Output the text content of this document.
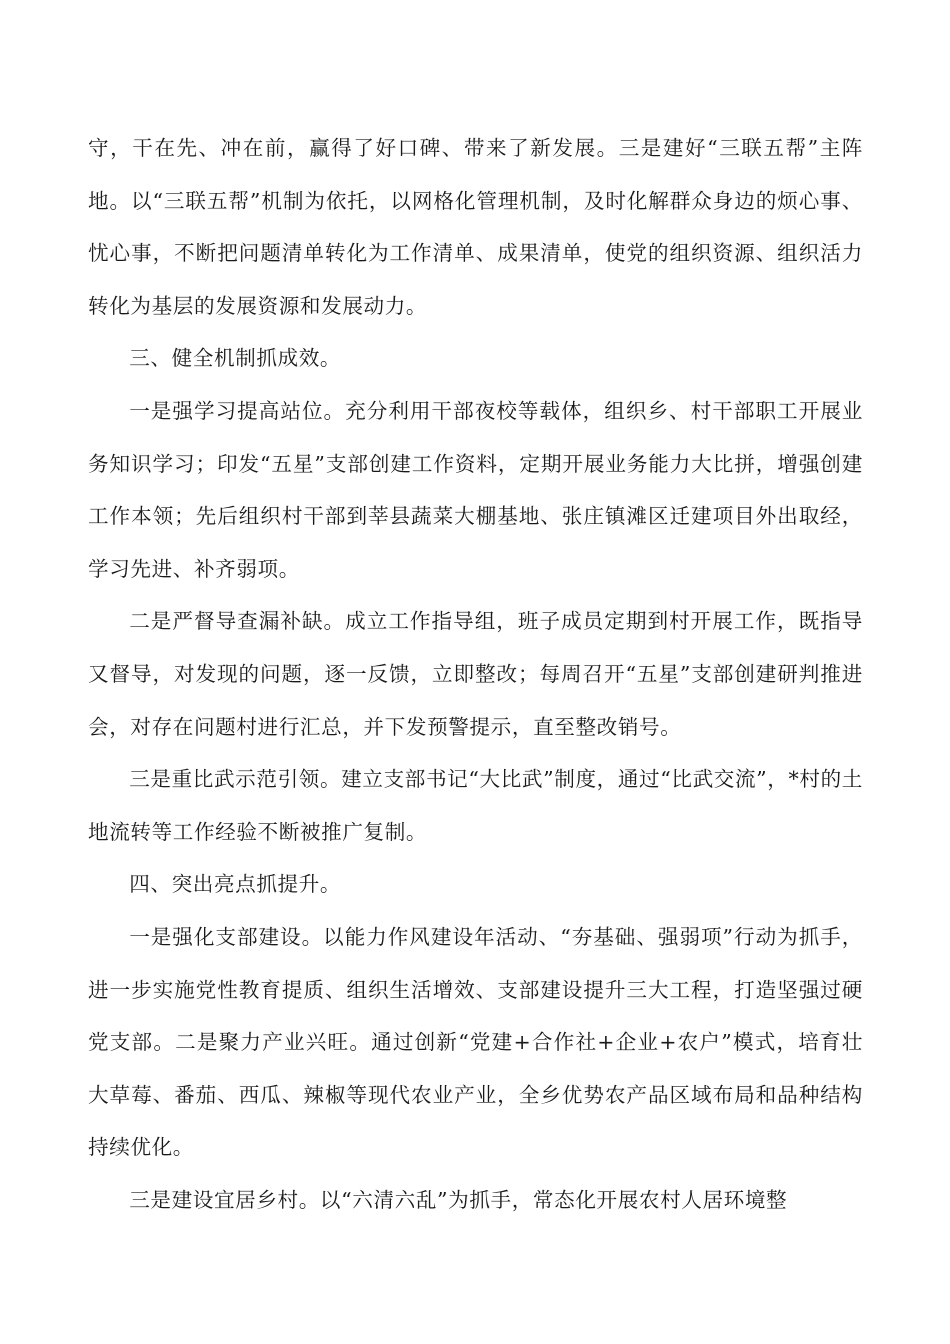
守，干在先、冲在前，赢得了好口碑、带来了新发展。三是建好“三联五帮”主阵地。以“三联五帮”机制为依托，以网格化管理机制，及时化解群众身边的烦心事、忧心事，不断把问题清单转化为工作清单、成果清单，使党的组织资源、组织活力转化为基层的发展资源和发展动力。

三、健全机制抓成效。

一是强学习提高站位。充分利用干部夜校等载体，组织乡、村干部职工开展业务知识学习；印发“五星”支部创建工作资料，定期开展业务能力大比拼，增强创建工作本领；先后组织村干部到莘县蔬菜大棚基地、张庄镇滩区迁建项目外出取经，学习先进、补齐弱项。

二是严督导查漏补缺。成立工作指导组，班子成员定期到村开展工作，既指导又督导，对发现的问题，逐一反馈，立即整改；每周召开“五星”支部创建研判推进会，对存在问题村进行汇总，并下发预警提示，直至整改销号。

三是重比武示范引领。建立支部书记“大比武”制度，通过“比武交流”，*村的土地流转等工作经验不断被推广复制。

四、突出亮点抓提升。

一是强化支部建设。以能力作风建设年活动、“夯基础、强弱项”行动为抓手，进一步实施党性教育提质、组织生活增效、支部建设提升三大工程，打造坚强过硬党支部。二是聚力产业兴旺。通过创新“党建+合作社+企业+农户”模式，培育壮大草莓、番茄、西瓜、辣椒等现代农业产业，全乡优势农产品区域布局和品种结构持续优化。

三是建设宜居乡村。以“六清六乱”为抓手，常态化开展农村人居环境整
